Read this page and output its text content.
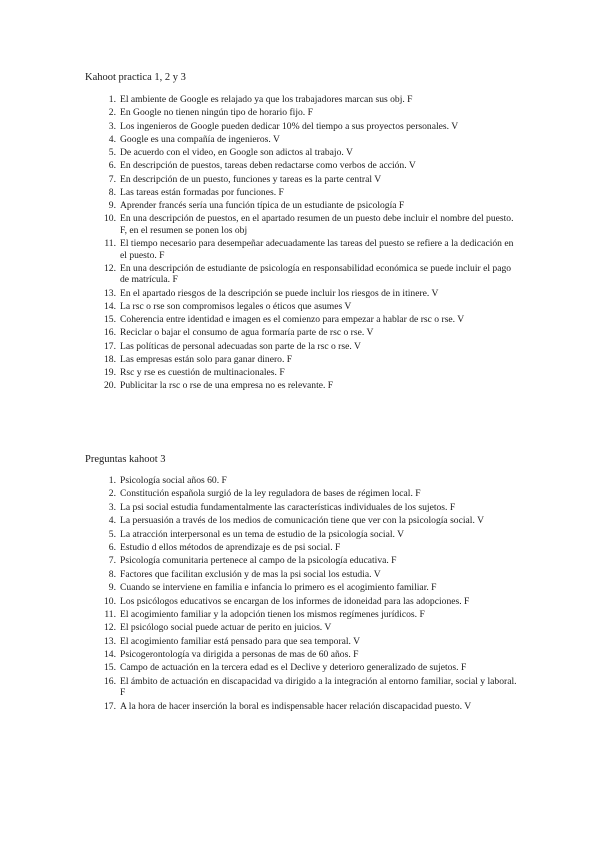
Kahoot practica 1, 2 y 3
1. El ambiente de Google es relajado ya que los trabajadores marcan sus obj. F
2. En Google no tienen ningún tipo de horario fijo. F
3. Los ingenieros de Google pueden dedicar 10% del tiempo a sus proyectos personales. V
4. Google es una compañía de ingenieros. V
5. De acuerdo con el video, en Google son adictos al trabajo. V
6. En descripción de puestos, tareas deben redactarse como verbos de acción. V
7. En descripción de un puesto, funciones y tareas es la parte central V
8. Las tareas están formadas por funciones. F
9. Aprender francés sería una función típica de un estudiante de psicología F
10. En una descripción de puestos, en el apartado resumen de un puesto debe incluir el nombre del puesto. F, en el resumen se ponen los obj
11. El tiempo necesario para desempeñar adecuadamente las tareas del puesto se refiere a la dedicación en el puesto. F
12. En una descripción de estudiante de psicología en responsabilidad económica se puede incluir el pago de matrícula. F
13. En el apartado riesgos de la descripción se puede incluir los riesgos de in itinere. V
14. La rsc o rse son compromisos legales o éticos que asumes V
15. Coherencia entre identidad e imagen es el comienzo para empezar a hablar de rsc o rse. V
16. Reciclar o bajar el consumo de agua formaría parte de rsc o rse. V
17. Las políticas de personal adecuadas son parte de la rsc o rse. V
18. Las empresas están solo para ganar dinero. F
19. Rsc y rse es cuestión de multinacionales. F
20. Publicitar la rsc o rse de una empresa no es relevante. F
Preguntas kahoot 3
1. Psicología social años 60. F
2. Constitución española surgió de la ley reguladora de bases de régimen local. F
3. La psi social estudia fundamentalmente las características individuales de los sujetos. F
4. La persuasión a través de los medios de comunicación tiene que ver con la psicología social. V
5. La atracción interpersonal es un tema de estudio de la psicología social. V
6. Estudio d ellos métodos de aprendizaje es de psi social. F
7. Psicología comunitaria pertenece al campo de la psicología educativa. F
8. Factores que facilitan exclusión y de mas la psi social los estudia. V
9. Cuando se interviene en familia e infancia lo primero es el acogimiento familiar. F
10. Los psicólogos educativos se encargan de los informes de idoneidad para las adopciones. F
11. El acogimiento familiar y la adopción tienen los mismos regímenes jurídicos. F
12. El psicólogo social puede actuar de perito en juicios. V
13. El acogimiento familiar está pensado para que sea temporal. V
14. Psicogerontología va dirigida a personas de mas de 60 años. F
15. Campo de actuación en la tercera edad es el Declive y deterioro generalizado de sujetos. F
16. El ámbito de actuación en discapacidad va dirigido a la integración al entorno familiar, social y laboral. F
17. A la hora de hacer inserción la boral es indispensable hacer relación discapacidad puesto. V
